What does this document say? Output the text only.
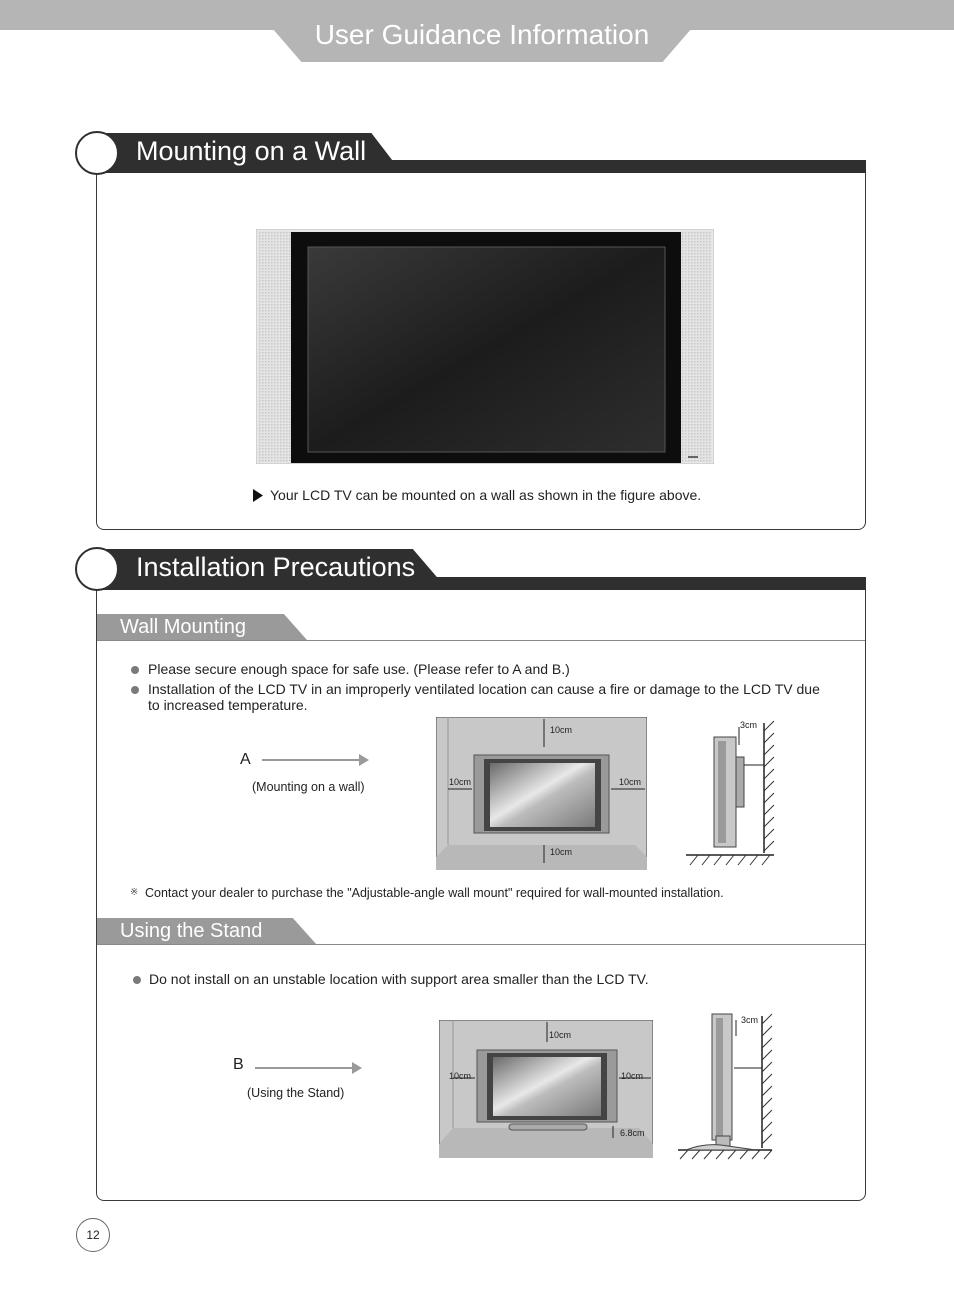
User Guidance Information
Mounting on a Wall
Your LCD TV can be mounted on a wall as shown in the figure above.
Installation Precautions
Wall Mounting
Please secure enough space for safe use. (Please refer to A and B.)
Installation of the LCD TV in an improperly ventilated location can cause a fire or damage to the LCD TV due to increased temperature.
A
(Mounting on a wall)
10cm
10cm	10cm
10cm
3cm
※ Contact your dealer to purchase the "Adjustable-angle wall mount" required for wall-mounted installation.
Using the Stand
Do not install on an unstable location with support area smaller than the LCD TV.
B
(Using the Stand)
10cm
10cm	10cm
6.8cm
3cm
12
